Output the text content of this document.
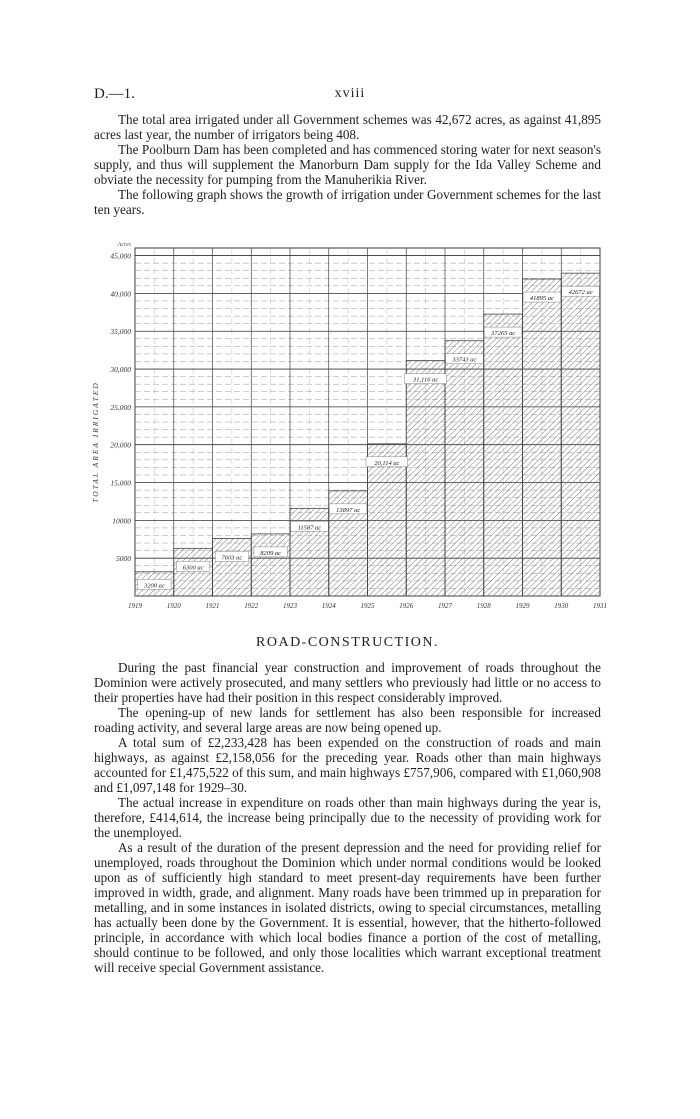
D.—1.	xviii

The total area irrigated under all Government schemes was 42,672 acres, as against 41,895 acres last year, the number of irrigators being 408.

The Poolburn Dam has been completed and has commenced storing water for next season's supply, and thus will supplement the Manorburn Dam supply for the Ida Valley Scheme and obviate the necessity for pumping from the Manuherikia River.

The following graph shows the growth of irrigation under Government schemes for the last ten years.

5000
10000
15,000
20,000
25,000
30,000
35,000
40,000
45,000
Acres
TOTAL AREA IRRIGATED
1919	1920	1921	1922	1923	1924	1925	1926	1927	1928	1929	1930	1931
3200 ac
6300 ac
7603 ac
8209 ac
11587 ac
13897 ac
20,114 ac
31,116 ac
33743 ac
37265 ac
41895 ac
42672 ac
ROAD-CONSTRUCTION.

During the past financial year construction and improvement of roads throughout the Dominion were actively prosecuted, and many settlers who previously had little or no access to their properties have had their position in this respect considerably improved.

The opening-up of new lands for settlement has also been responsible for increased roading activity, and several large areas are now being opened up.

A total sum of £2,233,428 has been expended on the construction of roads and main highways, as against £2,158,056 for the preceding year. Roads other than main highways accounted for £1,475,522 of this sum, and main highways £757,906, compared with £1,060,908 and £1,097,148 for 1929–30.

The actual increase in expenditure on roads other than main highways during the year is, therefore, £414,614, the increase being principally due to the necessity of providing work for the unemployed.

As a result of the duration of the present depression and the need for providing relief for unemployed, roads throughout the Dominion which under normal conditions would be looked upon as of sufficiently high standard to meet present-day requirements have been further improved in width, grade, and alignment. Many roads have been trimmed up in preparation for metalling, and in some instances in isolated districts, owing to special circumstances, metalling has actually been done by the Government. It is essential, however, that the hitherto-followed principle, in accordance with which local bodies finance a portion of the cost of metalling, should continue to be followed, and only those localities which warrant exceptional treatment will receive special Government assistance.
